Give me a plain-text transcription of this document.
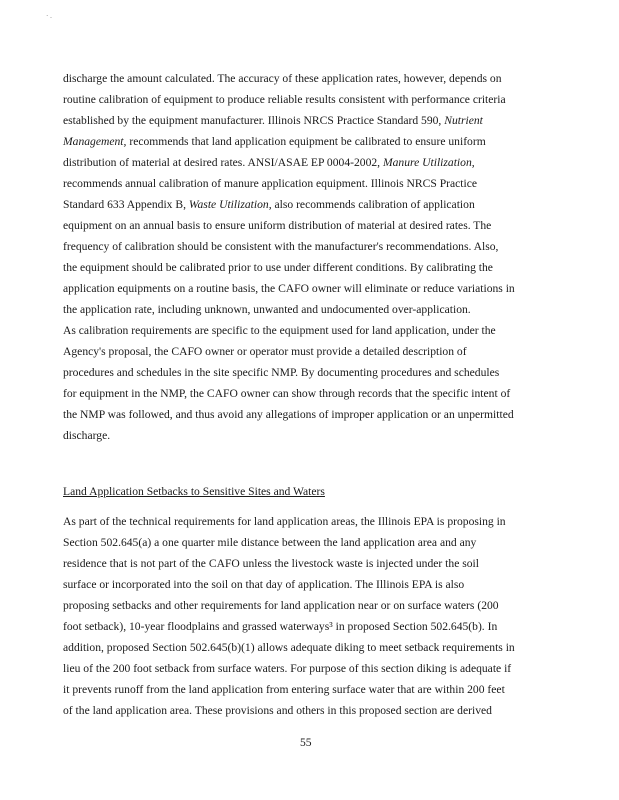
· .
discharge the amount calculated. The accuracy of these application rates, however, depends on
routine calibration of equipment to produce reliable results consistent with performance criteria
established by the equipment manufacturer. Illinois NRCS Practice Standard 590, Nutrient
Management, recommends that land application equipment be calibrated to ensure uniform
distribution of material at desired rates. ANSI/ASAE EP 0004-2002, Manure Utilization,
recommends annual calibration of manure application equipment. Illinois NRCS Practice
Standard 633 Appendix B, Waste Utilization, also recommends calibration of application
equipment on an annual basis to ensure uniform distribution of material at desired rates. The
frequency of calibration should be consistent with the manufacturer's recommendations. Also,
the equipment should be calibrated prior to use under different conditions. By calibrating the
application equipments on a routine basis, the CAFO owner will eliminate or reduce variations in
the application rate, including unknown, unwanted and undocumented over-application.
As calibration requirements are specific to the equipment used for land application, under the
Agency's proposal, the CAFO owner or operator must provide a detailed description of
procedures and schedules in the site specific NMP. By documenting procedures and schedules
for equipment in the NMP, the CAFO owner can show through records that the specific intent of
the NMP was followed, and thus avoid any allegations of improper application or an unpermitted
discharge.
Land Application Setbacks to Sensitive Sites and Waters
As part of the technical requirements for land application areas, the Illinois EPA is proposing in
Section 502.645(a) a one quarter mile distance between the land application area and any
residence that is not part of the CAFO unless the livestock waste is injected under the soil
surface or incorporated into the soil on that day of application. The Illinois EPA is also
proposing setbacks and other requirements for land application near or on surface waters (200
foot setback), 10-year floodplains and grassed waterways³ in proposed Section 502.645(b). In
addition, proposed Section 502.645(b)(1) allows adequate diking to meet setback requirements in
lieu of the 200 foot setback from surface waters. For purpose of this section diking is adequate if
it prevents runoff from the land application from entering surface water that are within 200 feet
of the land application area. These provisions and others in this proposed section are derived
55
